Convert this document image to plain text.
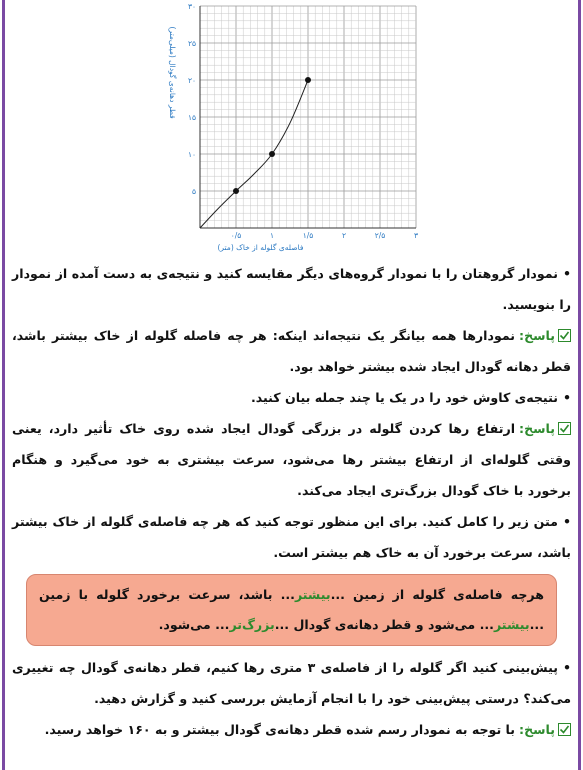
۰/۵	۱	۱/۵	۲	۲/۵	۳
۵
۱۰
۱۵
۲۰
۲۵
۳۰
فاصله‌ی گلوله از خاک (متر)
قطر دهانه‌ی گودال (میلی‌متر)

• نمودار گروهتان را با نمودار گروه‌های دیگر مقایسه کنید و نتیجه‌ی به دست آمده از نمودار را بنویسید.

پاسخ:نمودارها همه بیانگر یک نتیجه‌اند اینکه: هر چه فاصله گلوله از خاک بیشتر باشد، قطر دهانه گودال ایجاد شده بیشتر خواهد بود.

• نتیجه‌ی کاوش خود را در یک یا چند جمله بیان کنید.

پاسخ:ارتفاع رها کردن گلوله در بزرگی گودال ایجاد شده روی خاک تأثیر دارد، یعنی وقتی گلوله‌ای از ارتفاع بیشتر رها می‌شود، سرعت بیشتری به خود می‌گیرد و هنگام برخورد با خاک گودال بزرگ‌تری ایجاد می‌کند.

• متن زیر را کامل کنید. برای این منظور توجه کنید که هر چه فاصله‌ی گلوله از خاک بیشتر باشد، سرعت برخورد آن به خاک هم بیشتر است.

هرچه فاصله‌ی گلوله از زمین ...بیشتر... باشد، سرعت برخورد گلوله با زمین ...بیشتر... می‌شود و قطر دهانه‌ی گودال ...بزرگ‌تر... می‌شود.

• پیش‌بینی کنید اگر گلوله را از فاصله‌ی ۳ متری رها کنیم، قطر دهانه‌ی گودال چه تغییری می‌کند؟ درستی پیش‌بینی خود را با انجام آزمایش بررسی کنید و گزارش دهید.

پاسخ:با توجه به نمودار رسم شده قطر دهانه‌ی گودال بیشتر و به ۱۶۰ خواهد رسید.
